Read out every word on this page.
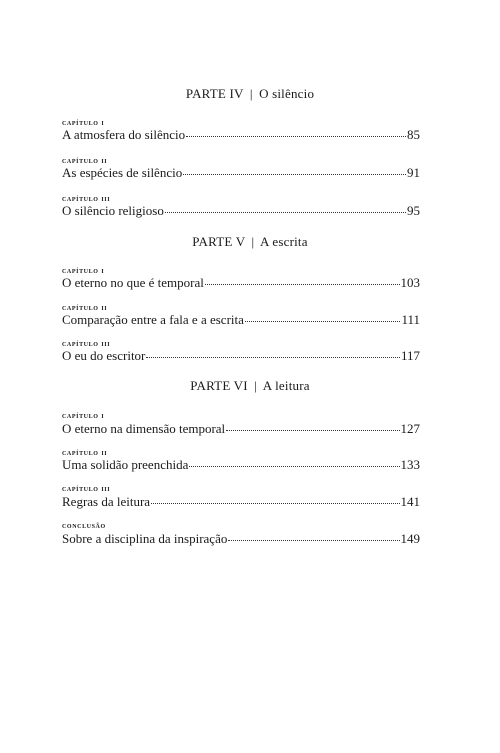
PARTE IV | O silêncio
capítulo i
A atmosfera do silêncio	85
capítulo ii
As espécies de silêncio	91
capítulo iii
O silêncio religioso	95
PARTE V | A escrita
capítulo i
O eterno no que é temporal	103
capítulo ii
Comparação entre a fala e a escrita	111
capítulo iii
O eu do escritor	117
PARTE VI | A leitura
capítulo i
O eterno na dimensão temporal	127
capítulo ii
Uma solidão preenchida	133
capítulo iii
Regras da leitura	141
conclusão
Sobre a disciplina da inspiração	149
